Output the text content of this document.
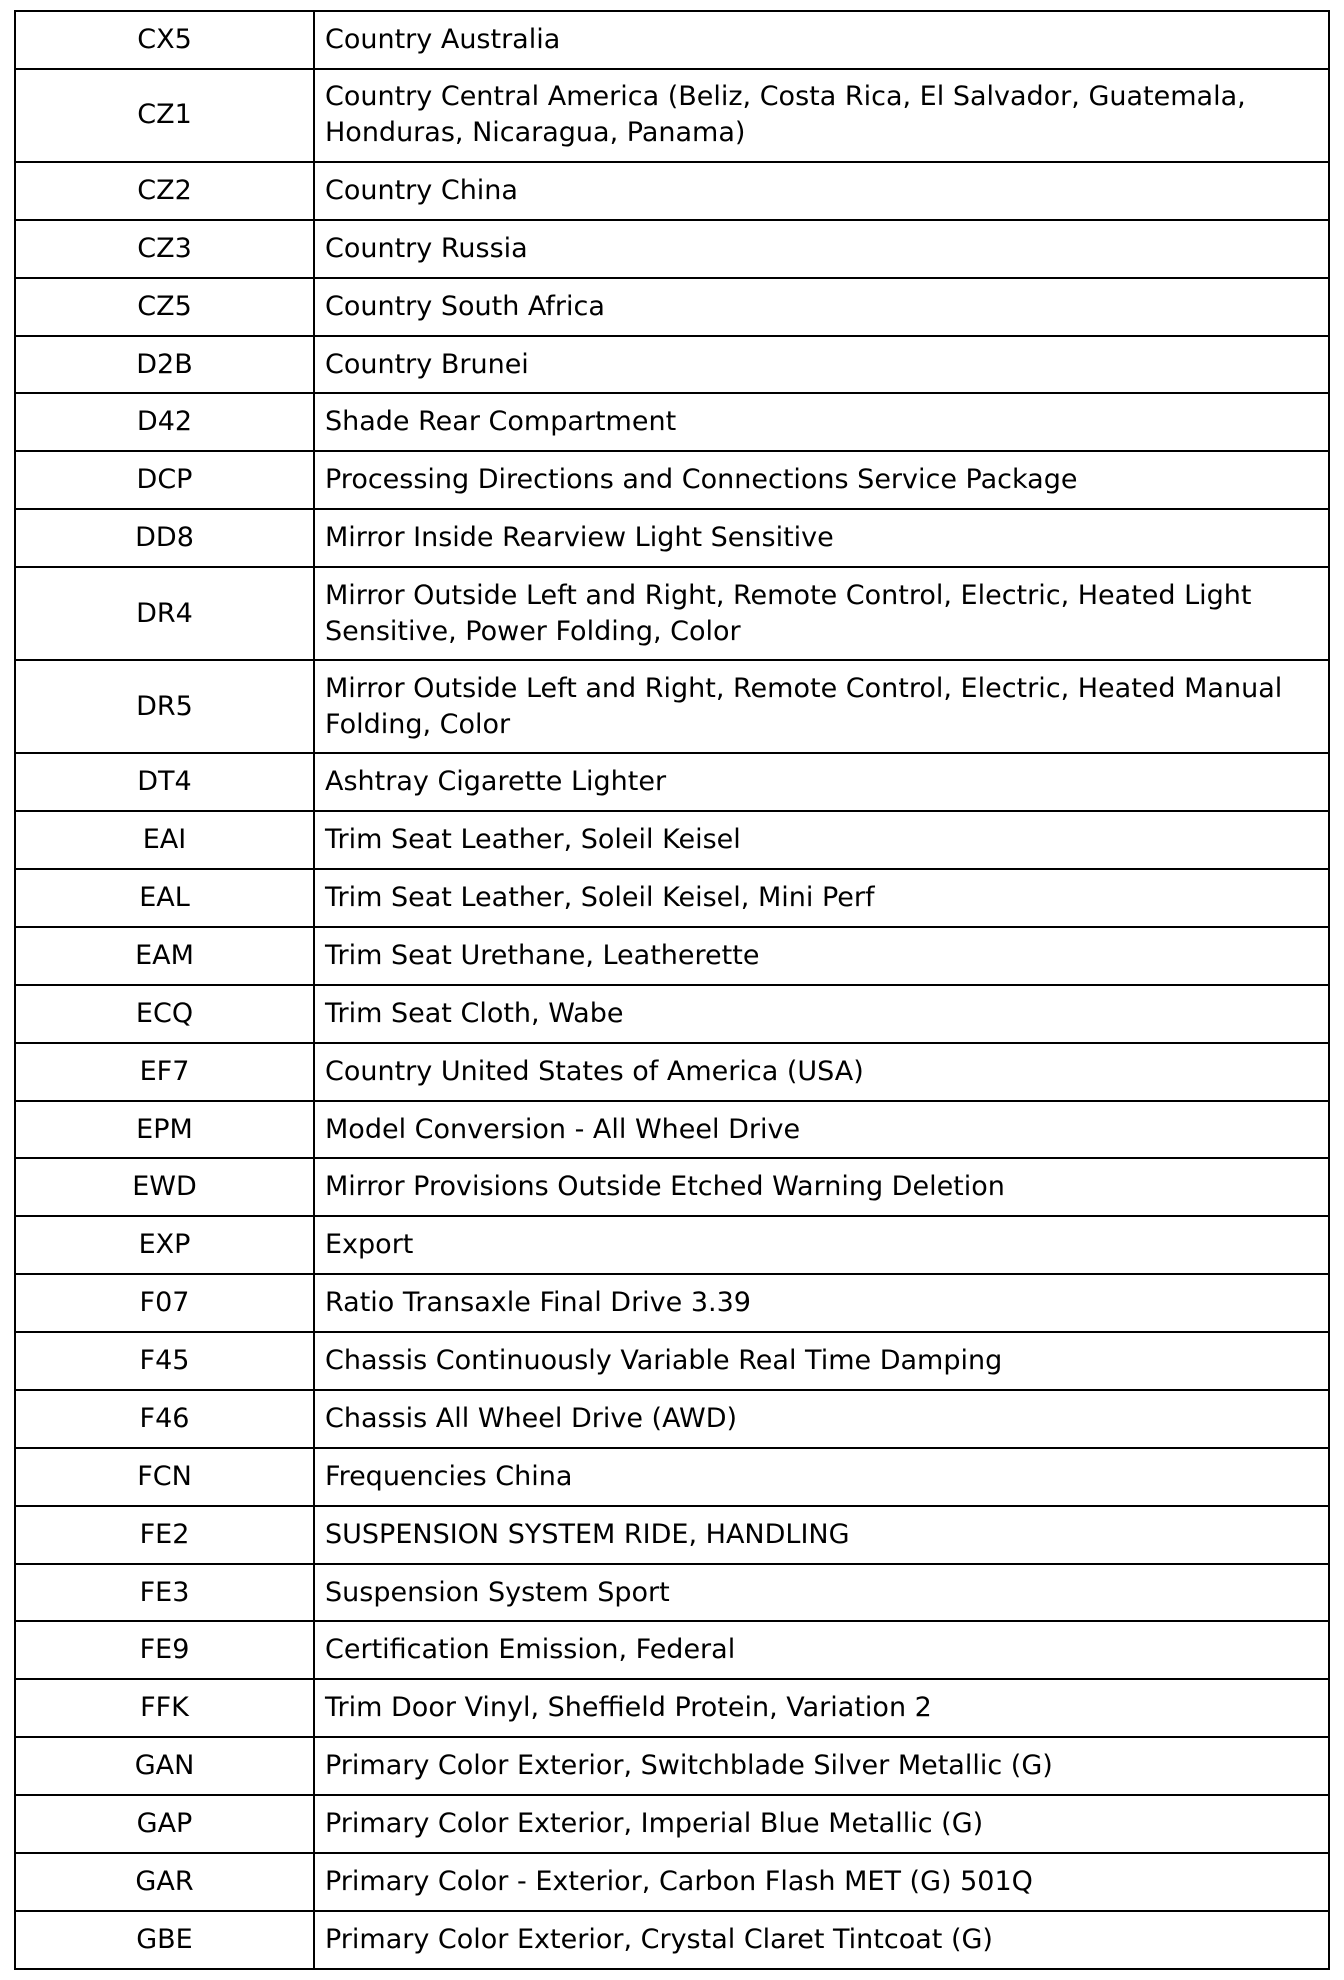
CX5	Country Australia
CZ1	Country Central America (Beliz, Costa Rica, El Salvador, Guatemala, Honduras, Nicaragua, Panama)
CZ2	Country China
CZ3	Country Russia
CZ5	Country South Africa
D2B	Country Brunei
D42	Shade Rear Compartment
DCP	Processing Directions and Connections Service Package
DD8	Mirror Inside Rearview Light Sensitive
DR4	Mirror Outside Left and Right, Remote Control, Electric, Heated Light Sensitive, Power Folding, Color
DR5	Mirror Outside Left and Right, Remote Control, Electric, Heated Manual Folding, Color
DT4	Ashtray Cigarette Lighter
EAI	Trim Seat Leather, Soleil Keisel
EAL	Trim Seat Leather, Soleil Keisel, Mini Perf
EAM	Trim Seat Urethane, Leatherette
ECQ	Trim Seat Cloth, Wabe
EF7	Country United States of America (USA)
EPM	Model Conversion - All Wheel Drive
EWD	Mirror Provisions Outside Etched Warning Deletion
EXP	Export
F07	Ratio Transaxle Final Drive 3.39
F45	Chassis Continuously Variable Real Time Damping
F46	Chassis All Wheel Drive (AWD)
FCN	Frequencies China
FE2	SUSPENSION SYSTEM RIDE, HANDLING
FE3	Suspension System Sport
FE9	Certification Emission, Federal
FFK	Trim Door Vinyl, Sheffield Protein, Variation 2
GAN	Primary Color Exterior, Switchblade Silver Metallic (G)
GAP	Primary Color Exterior, Imperial Blue Metallic (G)
GAR	Primary Color - Exterior, Carbon Flash MET (G) 501Q
GBE	Primary Color Exterior, Crystal Claret Tintcoat (G)
